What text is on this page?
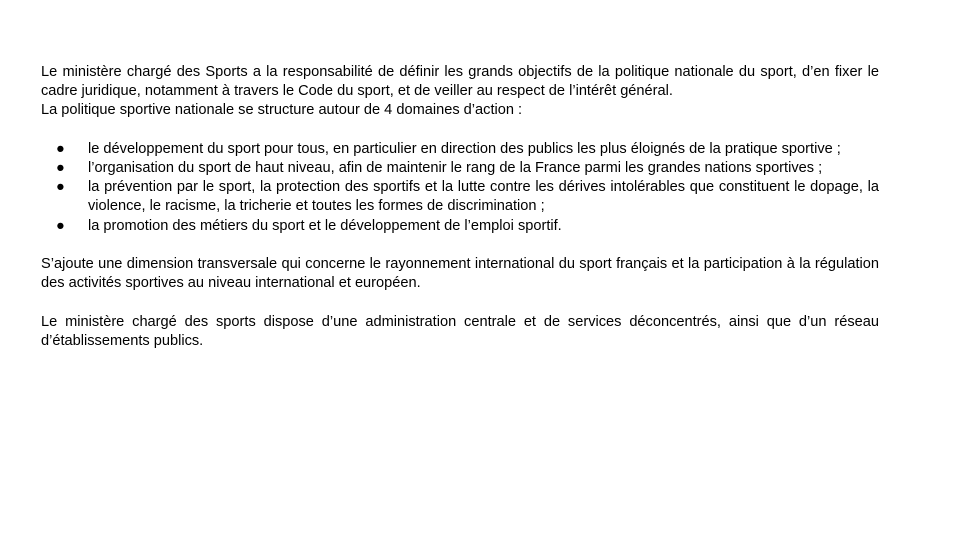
Le ministère chargé des Sports a la responsabilité de définir les grands objectifs de la politique nationale du sport, d’en fixer le cadre juridique, notamment à travers le Code du sport, et de veiller au respect de l’intérêt général.

La politique sportive nationale se structure autour de 4 domaines d’action :

● le développement du sport pour tous, en particulier en direction des publics les plus éloignés de la pratique sportive ;
● l’organisation du sport de haut niveau, afin de maintenir le rang de la France parmi les grandes nations sportives ;
● la prévention par le sport, la protection des sportifs et la lutte contre les dérives intolérables que constituent le dopage, la violence, le racisme, la tricherie et toutes les formes de discrimination ;
● la promotion des métiers du sport et le développement de l’emploi sportif.

S’ajoute une dimension transversale qui concerne le rayonnement international du sport français et la participation à la régulation des activités sportives au niveau international et européen.

Le ministère chargé des sports dispose d’une administration centrale et de services déconcentrés, ainsi que d’un réseau d’établissements publics.
